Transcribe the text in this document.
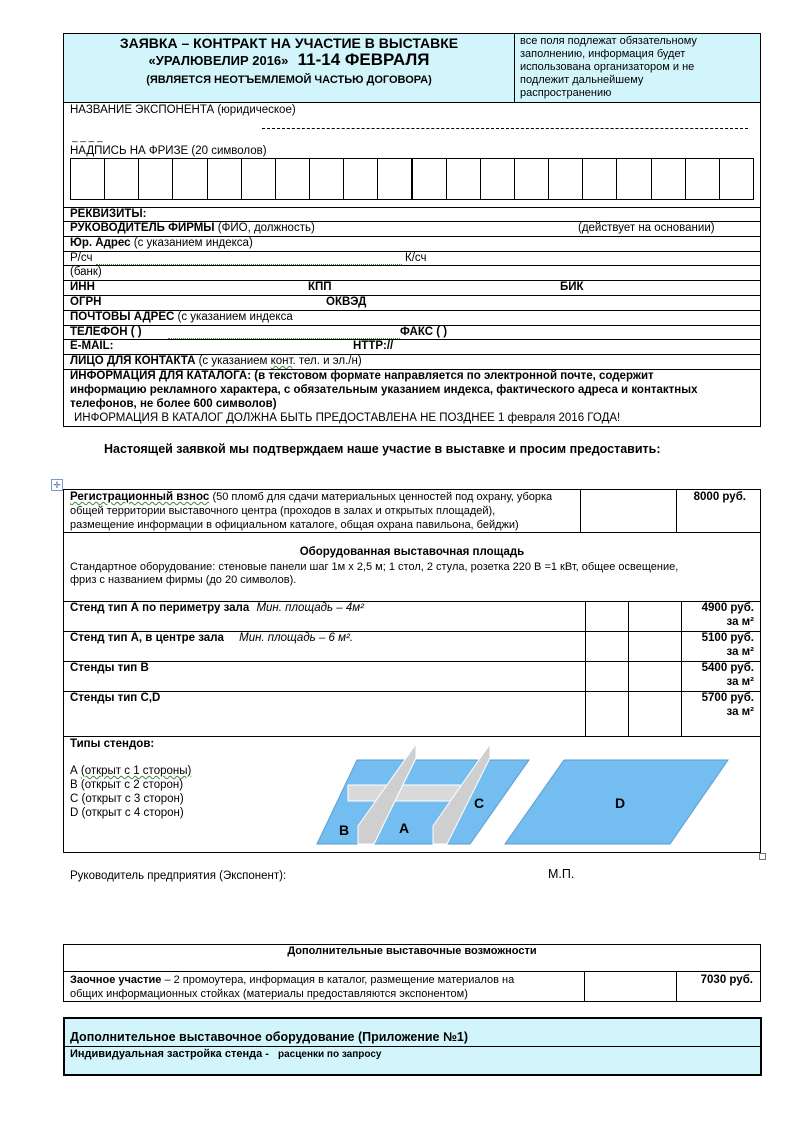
ЗАЯВКА – КОНТРАКТ НА УЧАСТИЕ В ВЫСТАВКЕ
«УРАЛЮВЕЛИР 2016» 11-14 ФЕВРАЛЯ
(ЯВЛЯЕТСЯ НЕОТЪЕМЛЕМОЙ ЧАСТЬЮ ДОГОВОРА)
все поля подлежат обязательному
заполнению, информация будет
использована организатором и не
подлежит дальнейшему
распространению
НАЗВАНИЕ ЭКСПОНЕНТА (юридическое)
_ _ _ _
НАДПИСЬ НА ФРИЗЕ (20 символов)
РЕКВИЗИТЫ:
РУКОВОДИТЕЛЬ ФИРМЫ (ФИО, должность)	(действует на основании)
Юр. Адрес (с указанием индекса)
Р/сч	К/сч
(банк)
ИНН	КПП	БИК
ОГРН	ОКВЭД
ПОЧТОВЫ АДРЕС (с указанием индекса
ТЕЛЕФОН ( )	ФАКС ( )
E-MAIL:	HTTP://
ЛИЦО ДЛЯ КОНТАКТА (с указанием конт. тел. и эл./н)
ИНФОРМАЦИЯ ДЛЯ КАТАЛОГА: (в текстовом формате направляется по электронной почте, содержит
информацию рекламного характера, с обязательным указанием индекса, фактического адреса и контактных
телефонов, не более 600 символов)
ИНФОРМАЦИЯ В КАТАЛОГ ДОЛЖНА БЫТЬ ПРЕДОСТАВЛЕНА НЕ ПОЗДНЕЕ 1 февраля 2016 ГОДА!
Настоящей заявкой мы подтверждаем наше участие в выставке и просим предоставить:
✛
Регистрационный взнос (50 пломб для сдачи материальных ценностей под охрану, уборка
общей территории выставочного центра (проходов в залах и открытых площадей),
размещение информации в официальном каталоге, общая охрана павильона, бейджи)
8000 руб.
Оборудованная выставочная площадь
Стандартное оборудование: стеновые панели шаг 1м х 2,5 м; 1 стол, 2 стула, розетка 220 В =1 кВт, общее освещение,
фриз с названием фирмы (до 20 символов).
Стенд тип А по периметру зала Мин. площадь – 4м²	4900 руб.
за м²
Стенд тип А, в центре зала Мин. площадь – 6 м².	5100 руб.
за м²
Стенды тип В	5400 руб.
за м²
Стенды тип С,D	5700 руб.
за м²
Типы стендов:
А (открыт с 1 стороны)
В (открыт с 2 сторон)
С (открыт с 3 сторон)
D (открыт с 4 сторон)
B	A
C	D
Руководитель предприятия (Экспонент):	М.П.
Дополнительные выставочные возможности
Заочное участие – 2 промоутера, информация в каталог, размещение материалов на
общих информационных стойках (материалы предоставляются экспонентом)
7030 руб.
Дополнительное выставочное оборудование (Приложение №1)
Индивидуальная застройка стенда - расценки по запросу
